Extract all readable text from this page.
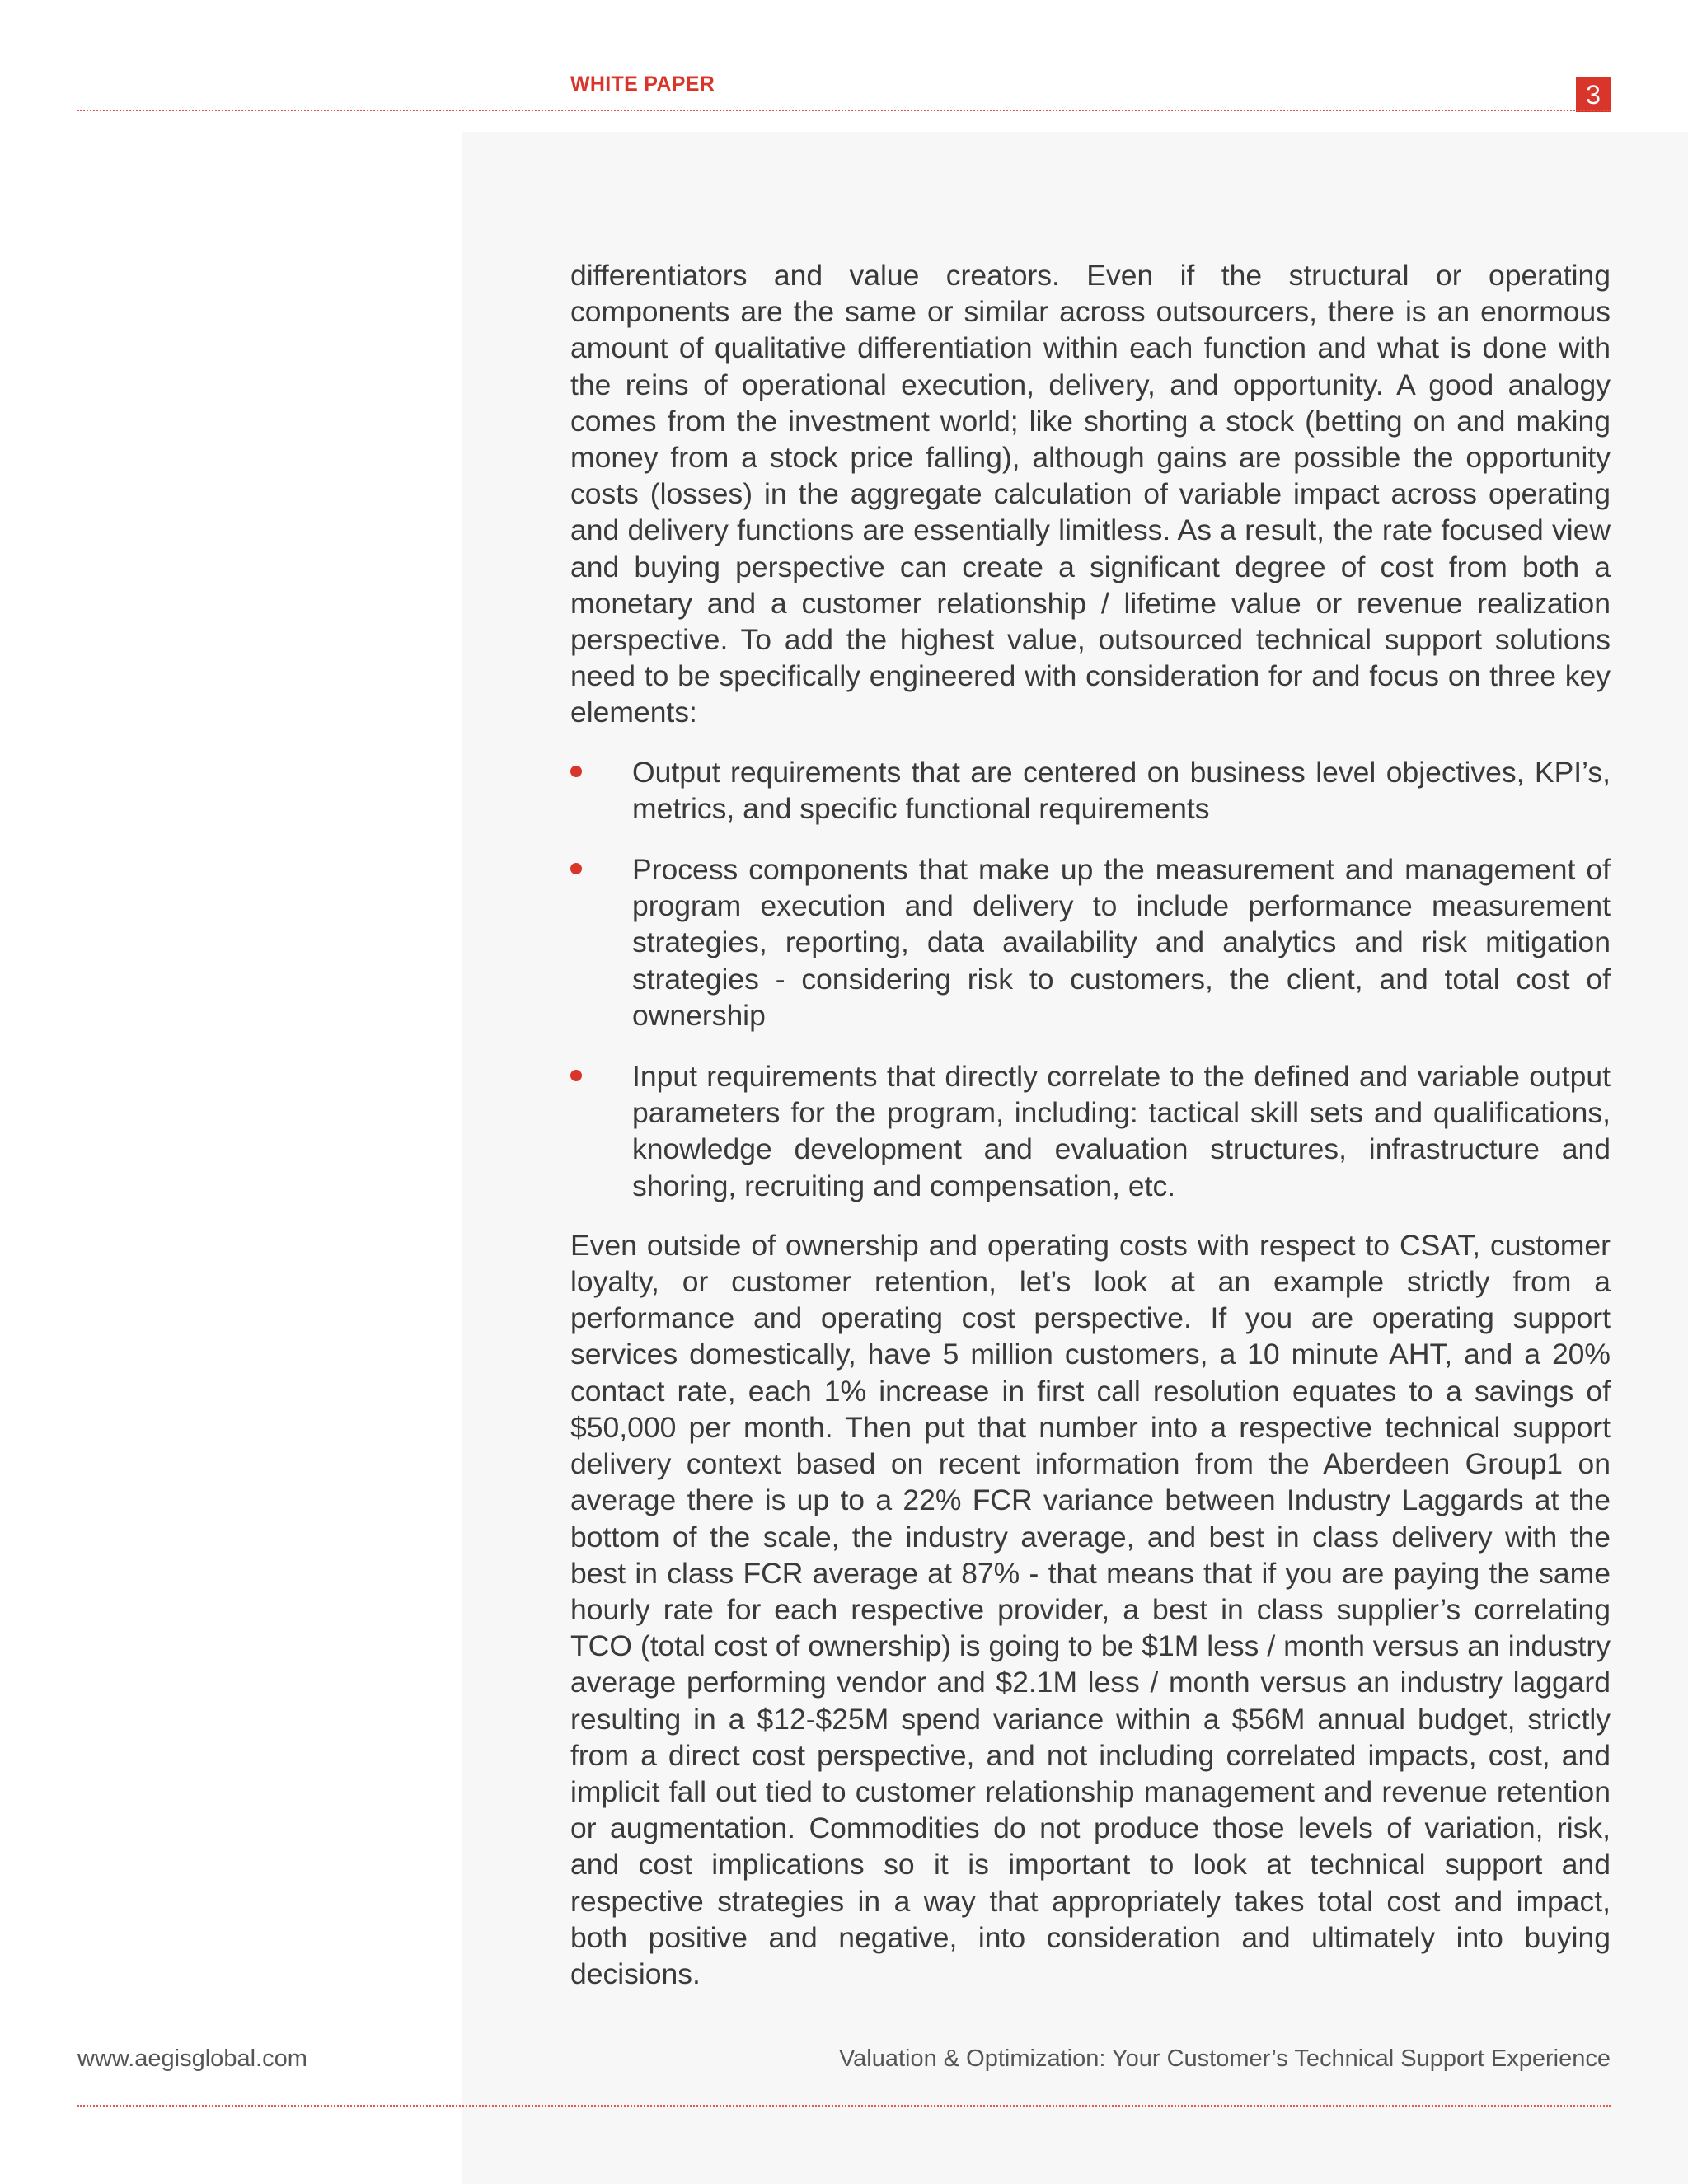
WHITE PAPER	3

differentiators and value creators. Even if the structural or operating components are the same or similar across outsourcers, there is an enormous amount of qualitative differentiation within each function and what is done with the reins of operational execution, delivery, and opportunity. A good analogy comes from the investment world; like shorting a stock (betting on and making money from a stock price falling), although gains are possible the opportunity costs (losses) in the aggregate calculation of variable impact across operating and delivery functions are essentially limitless. As a result, the rate focused view and buying perspective can create a significant degree of cost from both a monetary and a customer relationship / lifetime value or revenue realization perspective. To add the highest value, outsourced technical support solutions need to be specifically engineered with consideration for and focus on three key elements:

Output requirements that are centered on business level objectives, KPI’s, metrics, and specific functional requirements
Process components that make up the measurement and management of program execution and delivery to include performance measurement strategies, reporting, data availability and analytics and risk mitigation strategies - considering risk to customers, the client, and total cost of ownership
Input requirements that directly correlate to the defined and variable output parameters for the program, including: tactical skill sets and qualifications, knowledge development and evaluation structures, infrastructure and shoring, recruiting and compensation, etc.

Even outside of ownership and operating costs with respect to CSAT, customer loyalty, or customer retention, let’s look at an example strictly from a performance and operating cost perspective. If you are operating support services domestically, have 5 million customers, a 10 minute AHT, and a 20% contact rate, each 1% increase in first call resolution equates to a savings of $50,000 per month. Then put that number into a respective technical support delivery context based on recent information from the Aberdeen Group1 on average there is up to a 22% FCR variance between Industry Laggards at the bottom of the scale, the industry average, and best in class delivery with the best in class FCR average at 87% - that means that if you are paying the same hourly rate for each respective provider, a best in class supplier’s correlating TCO (total cost of ownership) is going to be $1M less / month versus an industry average performing vendor and $2.1M less / month versus an industry laggard resulting in a $12-$25M spend variance within a $56M annual budget, strictly from a direct cost perspective, and not including correlated impacts, cost, and implicit fall out tied to customer relationship management and revenue retention or augmentation. Commodities do not produce those levels of variation, risk, and cost implications so it is important to look at technical support and respective strategies in a way that appropriately takes total cost and impact, both positive and negative, into consideration and ultimately into buying decisions.

www.aegisglobal.com	Valuation & Optimization: Your Customer’s Technical Support Experience
